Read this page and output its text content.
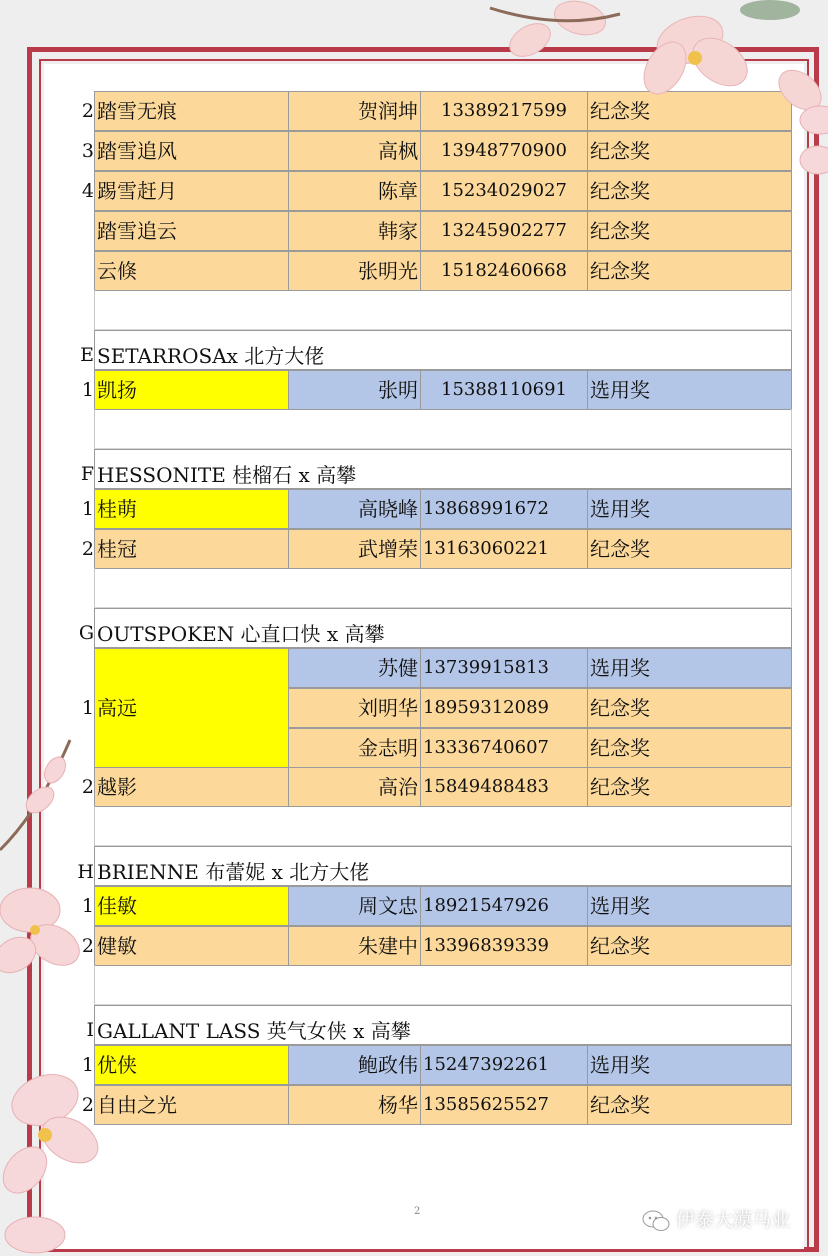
2 踏雪无痕	贺润坤	13389217599	纪念奖
3 踏雪追风	高枫	13948770900	纪念奖
4 踢雪赶月	陈章	15234029027	纪念奖
踏雪追云	韩家	13245902277	纪念奖
云倏	张明光	15182460668	纪念奖
E SETARROSAx 北方大佬
1 凯扬	张明	15388110691	选用奖
F HESSONITE 桂榴石 x 高攀
1 桂萌	高晓峰 13868991672	选用奖
2 桂冠	武增荣 13163060221	纪念奖
G OUTSPOKEN 心直口快 x 高攀
1 高远
苏健 13739915813	选用奖
刘明华 18959312089	纪念奖
金志明 13336740607	纪念奖
2 越影	高治 15849488483	纪念奖
H BRIENNE 布蕾妮 x 北方大佬
1 佳敏	周文忠 18921547926	选用奖
2 健敏	朱建中 13396839339	纪念奖
I GALLANT LASS 英气女侠 x 高攀
1 优侠	鲍政伟 15247392261	选用奖
2 自由之光	杨华 13585625527	纪念奖
2	伊泰大漠马业
